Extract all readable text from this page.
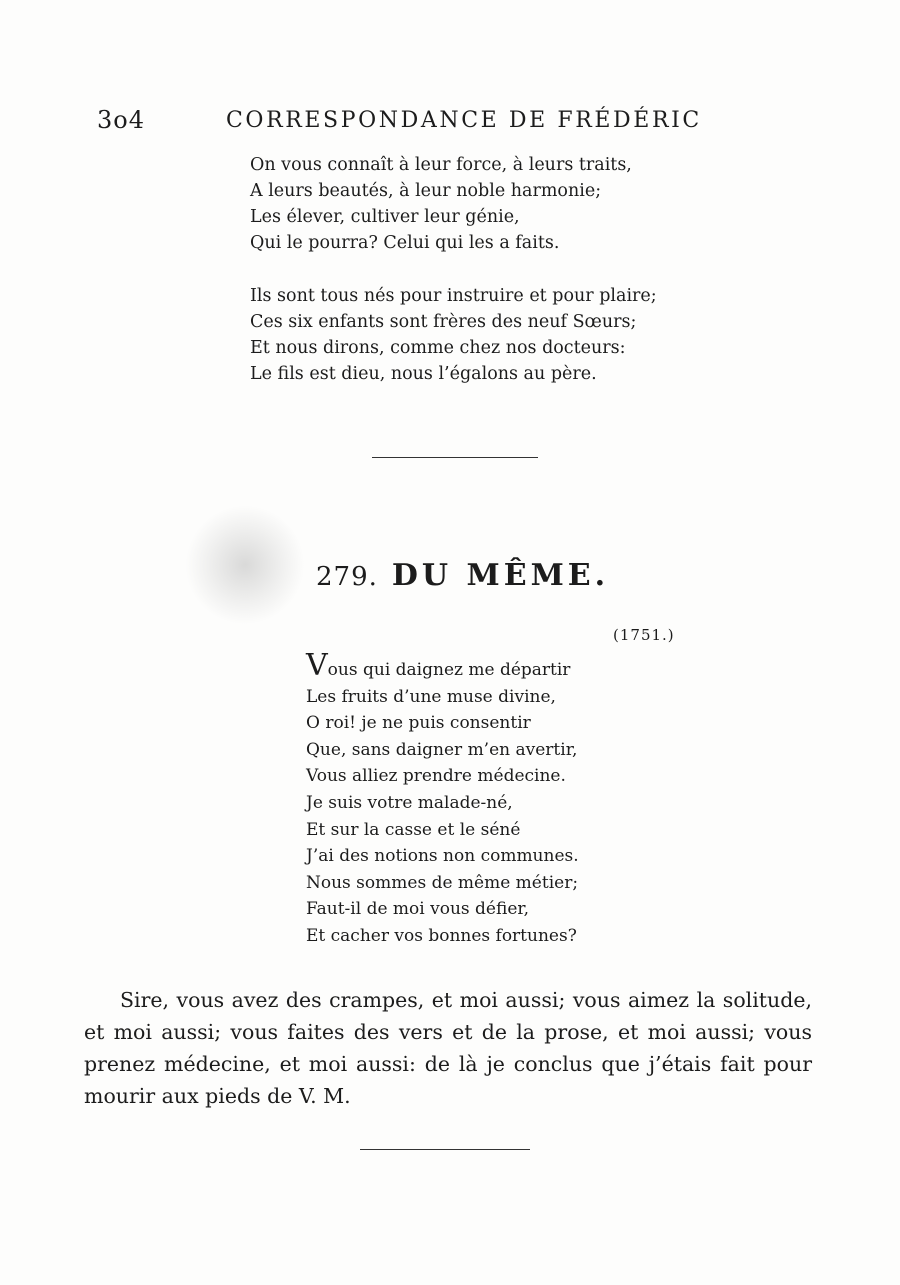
3o4	CORRESPONDANCE DE FRÉDÉRIC
On vous connaît à leur force, à leurs traits,
A leurs beautés, à leur noble harmonie;
Les élever, cultiver leur génie,
Qui le pourra? Celui qui les a faits.
Ils sont tous nés pour instruire et pour plaire;
Ces six enfants sont frères des neuf Sœurs;
Et nous dirons, comme chez nos docteurs:
Le fils est dieu, nous l’égalons au père.
279. DU MÊME.
(1751.)
Vous qui daignez me départir
Les fruits d’une muse divine,
O roi! je ne puis consentir
Que, sans daigner m’en avertir,
Vous alliez prendre médecine.
Je suis votre malade-né,
Et sur la casse et le séné
J’ai des notions non communes.
Nous sommes de même métier;
Faut-il de moi vous défier,
Et cacher vos bonnes fortunes?
Sire, vous avez des crampes, et moi aussi; vous aimez la solitude, et moi aussi; vous faites des vers et de la prose, et moi aussi; vous prenez médecine, et moi aussi: de là je conclus que j’étais fait pour mourir aux pieds de V. M.
